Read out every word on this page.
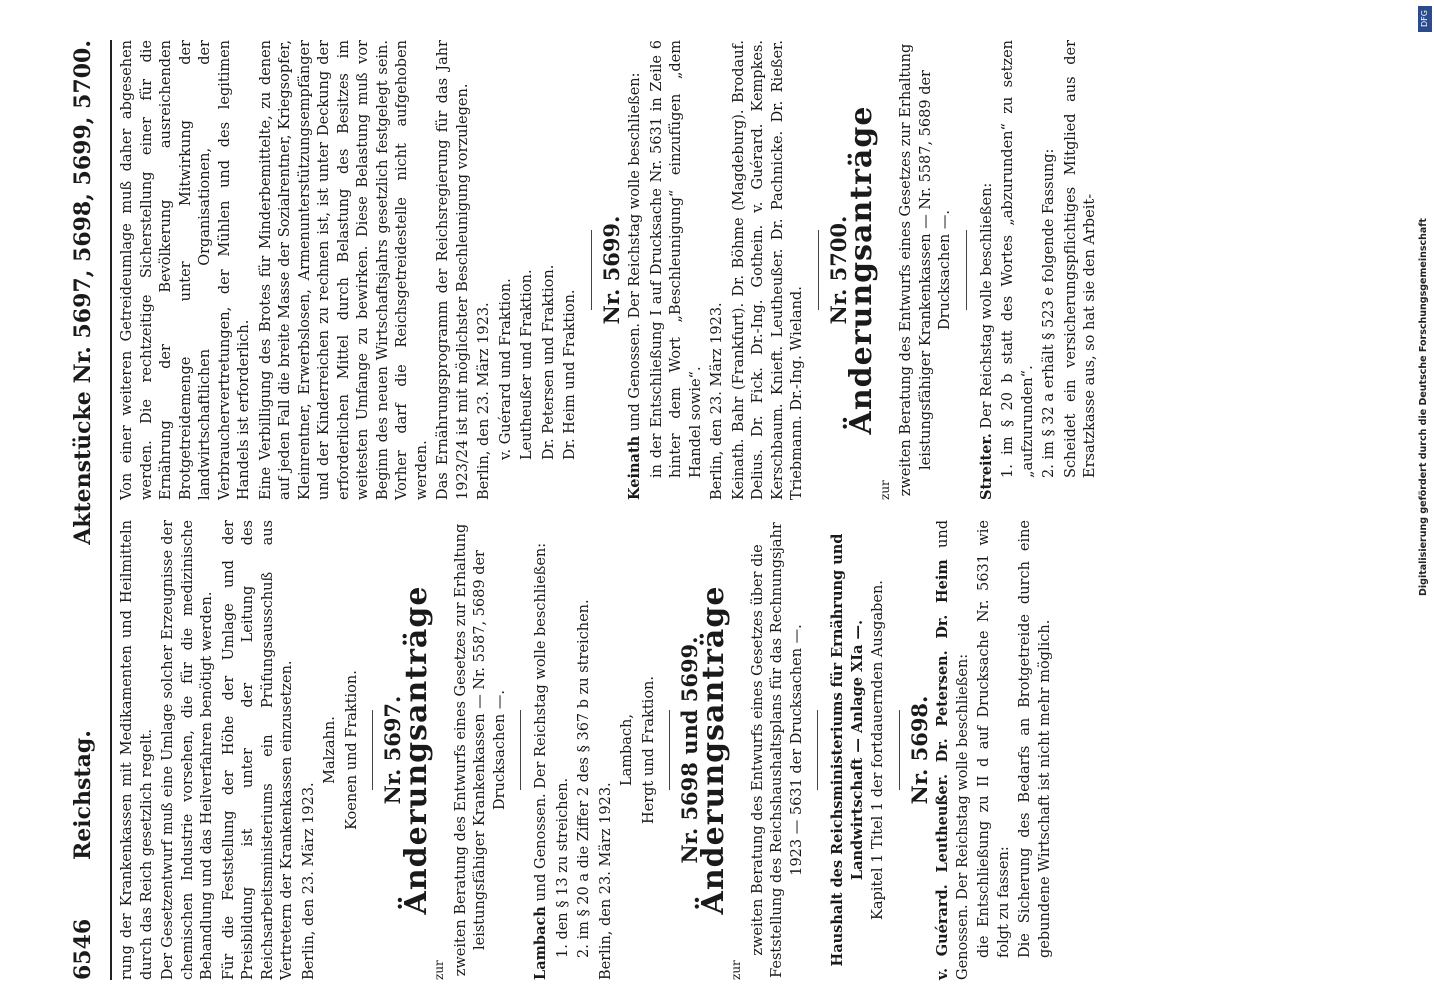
6546
Reichstag.
Aktenstücke Nr. 5697, 5698, 5699, 5700.

rung der Krankenkassen mit Medikamenten und Heilmitteln durch das Reich gesetzlich regelt. Der Gesetzentwurf muß eine Umlage solcher Erzeugnisse der chemischen Industrie vorsehen, die für die medizinische Behandlung und das Heilverfahren benötigt werden. Für die Feststellung der Höhe der Umlage und der Preisbildung ist unter der Leitung des Reichsarbeitsministeriums ein Prüfungsausschuß aus Vertretern der Krankenkassen einzusetzen. Berlin, den 23. März 1923.

Malzahn. Koenen und Fraktion. Nr. 5697.
Änderungsanträge

zur zweiten Beratung des Entwurfs eines Gesetzes zur Erhaltung leistungsfähiger Krankenkassen — Nr. 5587, 5689 der Drucksachen —.

Lambach und Genossen. Der Reichstag wolle beschließen: 1. den § 13 zu streichen. 2. im § 20 a die Ziffer 2 des § 367 b zu streichen. Berlin, den 23. März 1923.

Lambach, Hergt und Fraktion. Nr. 5698 und 5699.
Änderungsanträge

zur

zweiten Beratung des Entwurfs eines Gesetzes über die Feststellung des Reichshaushaltsplans für das Rechnungsjahr 1923 — 5631 der Drucksachen —. Haushalt des Reichsministeriums für Ernährung und Landwirtschaft — Anlage XIa —. Kapitel 1 Titel 1 der fortdauernden Ausgaben. Nr. 5698. v. Guérard. Leutheußer. Dr. Petersen. Dr. Heim und Genossen. Der Reichstag wolle beschließen: die Entschließung zu II d auf Drucksache Nr. 5631 wie folgt zu fassen: Die Sicherung des Bedarfs an Brotgetreide durch eine gebundene Wirtschaft ist nicht mehr möglich.

Von einer weiteren Getreideumlage muß daher abgesehen werden. Die rechtzeitige Sicherstellung einer für die Ernährung der Bevölkerung ausreichenden Brotgetreidemenge unter Mitwirkung der landwirtschaftlichen Organisationen, der Verbrauchervertretungen, der Mühlen und des legitimen Handels ist erforderlich. Eine Verbilligung des Brotes für Minderbemittelte, zu denen auf jeden Fall die breite Masse der Sozialrentner, Kriegsopfer, Kleinrentner, Erwerbslosen, Armenunterstützungsempfänger und der Kinderreichen zu rechnen ist, ist unter Deckung der erforderlichen Mittel durch Belastung des Besitzes im weitesten Umfange zu bewirken. Diese Belastung muß vor Beginn des neuen Wirtschaftsjahrs gesetzlich festgelegt sein. Vorher darf die Reichsgetreidestelle nicht aufgehoben werden. Das Ernährungsprogramm der Reichsregierung für das Jahr 1923/24 ist mit möglichster Beschleunigung vorzulegen. Berlin, den 23. März 1923. v. Guérard und Fraktion. Leutheußer und Fraktion. Dr. Petersen und Fraktion. Dr. Heim und Fraktion.

Nr. 5699.

Keinath und Genossen. Der Reichstag wolle beschließen: in der Entschließung I auf Drucksache Nr. 5631 in Zeile 6 hinter dem Wort „Beschleunigung“ einzufügen „dem Handel sowie“. Berlin, den 23. März 1923. Keinath. Bahr (Frankfurt). Dr. Böhme (Magdeburg). Brodauf. Delius. Dr. Fick. Dr.-Ing. Gothein. v. Guérard. Kempkes. Kerschbaum. Knieft. Leutheußer. Dr. Pachnicke. Dr. Rießer. Triebmann. Dr.-Ing. Wieland.

Nr. 5700.
Änderungsanträge

zur zweiten Beratung des Entwurfs eines Gesetzes zur Erhaltung leistungsfähiger Krankenkassen — Nr. 5587, 5689 der Drucksachen —.

Streiter. Der Reichstag wolle beschließen: 1. im § 20 b statt des Wortes „abzurunden“ zu setzen „aufzurunden“. 2. im § 32 a erhält § 523 e folgende Fassung: Scheidet ein versicherungspflichtiges Mitglied aus der Ersatzkasse aus, so hat sie den Arbeit-

DFG
Digitalisierung gefördert durch die Deutsche Forschungsgemeinschaft
